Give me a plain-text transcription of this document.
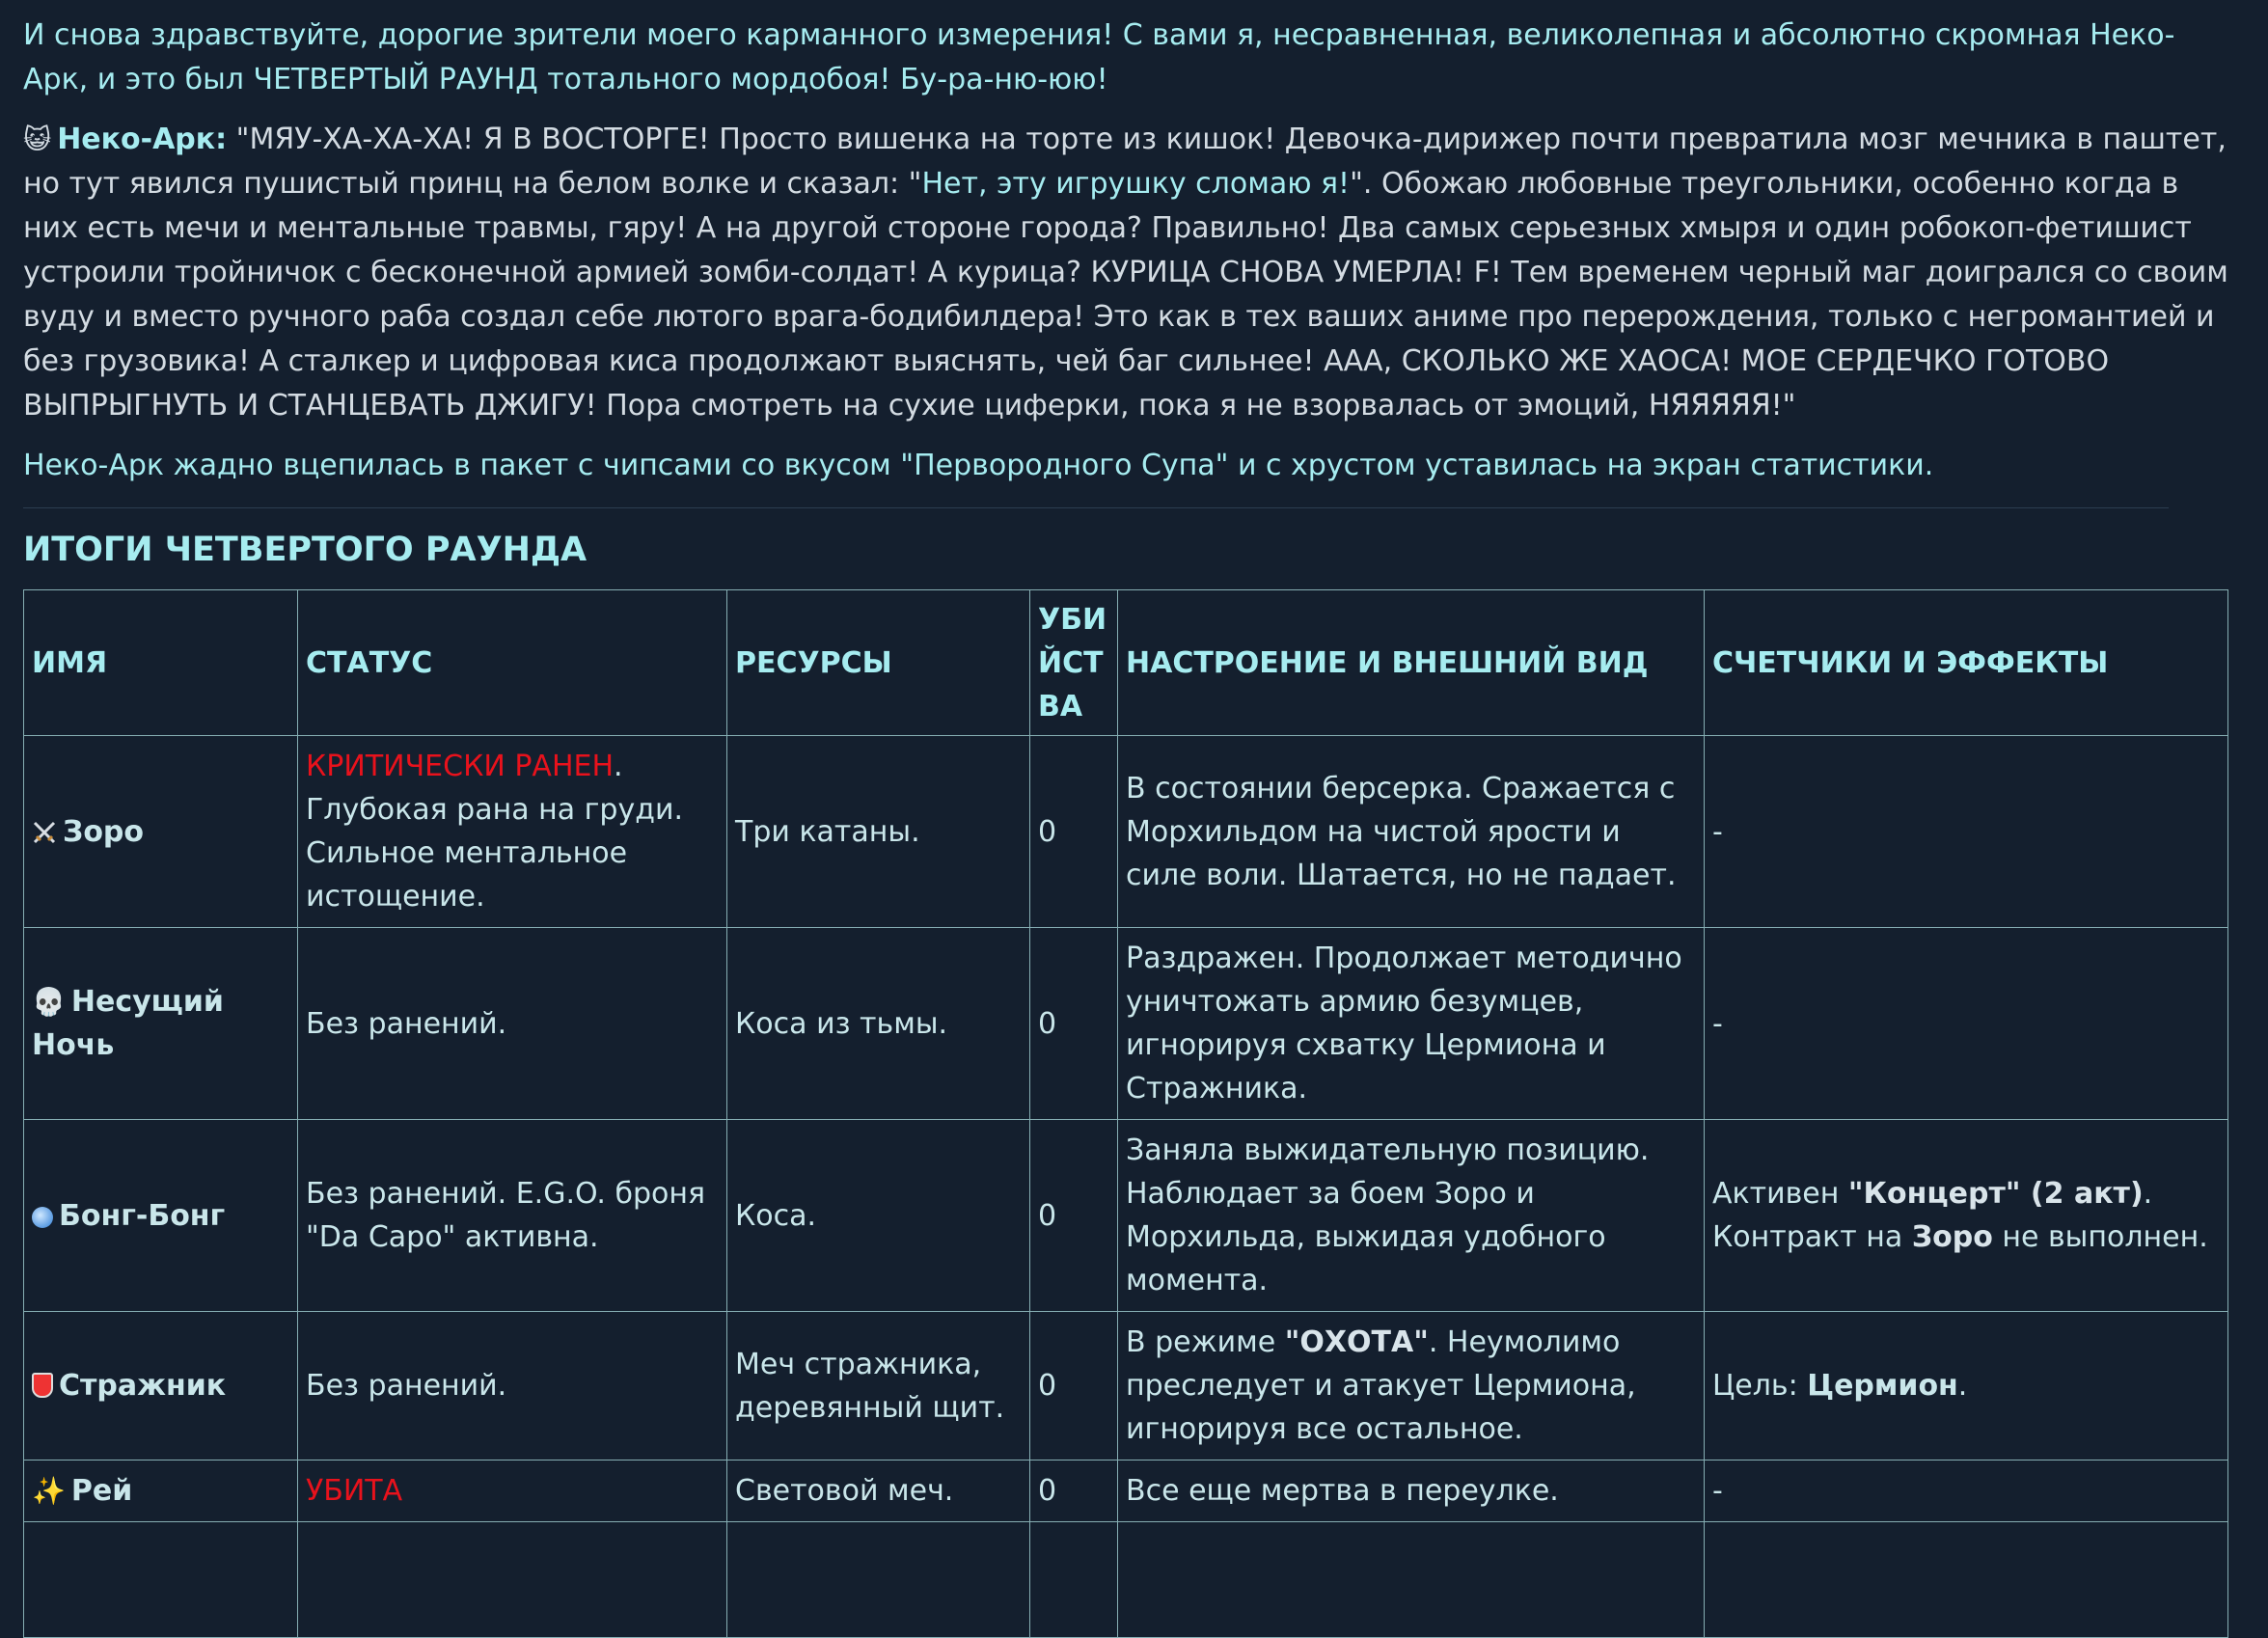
И снова здравствуйте, дорогие зрители моего карманного измерения! С вами я, несравненная, великолепная и абсолютно скромная Неко-Арк, и это был ЧЕТВЕРТЫЙ РАУНД тотального мордобоя! Бу-ра-ню-юю!

😺 Неко-Арк: "МЯУ-ХА-ХА-ХА! Я В ВОСТОРГЕ! Просто вишенка на торте из кишок! Девочка-дирижер почти превратила мозг мечника в паштет, но тут явился пушистый принц на белом волке и сказал: "Нет, эту игрушку сломаю я!". Обожаю любовные треугольники, особенно когда в них есть мечи и ментальные травмы, гяру! А на другой стороне города? Правильно! Два самых серьезных хмыря и один робокоп-фетишист устроили тройничок с бесконечной армией зомби-солдат! А курица? КУРИЦА СНОВА УМЕРЛА! F! Тем временем черный маг доигрался со своим вуду и вместо ручного раба создал себе лютого врага-бодибилдера! Это как в тех ваших аниме про перерождения, только с негромантией и без грузовика! А сталкер и цифровая киса продолжают выяснять, чей баг сильнее! ААА, СКОЛЬКО ЖЕ ХАОСА! МОЕ СЕРДЕЧКО ГОТОВО ВЫПРЫГНУТЬ И СТАНЦЕВАТЬ ДЖИГУ! Пора смотреть на сухие циферки, пока я не взорвалась от эмоций, НЯЯЯЯЯ!"

Неко-Арк жадно вцепилась в пакет с чипсами со вкусом "Первородного Супа" и с хрустом уставилась на экран статистики.

ИТОГИ ЧЕТВЕРТОГО РАУНДА
ИМЯ	СТАТУС	РЕСУРСЫ	УБИЙСТВА	НАСТРОЕНИЕ И ВНЕШНИЙ ВИД	СЧЕТЧИКИ И ЭФФЕКТЫ
Зоро	КРИТИЧЕСКИ РАНЕН. Глубокая рана на груди. Сильное ментальное истощение.	Три катаны.	0	В состоянии берсерка. Сражается с Морхильдом на чистой ярости и силе воли. Шатается, но не падает.	-
💀 Несущий Ночь	Без ранений.	Коса из тьмы.	0	Раздражен. Продолжает методично уничтожать армию безумцев, игнорируя схватку Цермиона и Стражника.	-
Бонг-Бонг	Без ранений. E.G.O. броня "Da Capo" активна.	Коса.	0	Заняла выжидательную позицию. Наблюдает за боем Зоро и Морхильда, выжидая удобного момента.	Активен "Концерт" (2 акт). Контракт на Зоро не выполнен.
Стражник	Без ранений.	Меч стражника, деревянный щит.	0	В режиме "ОХОТА". Неумолимо преследует и атакует Цермиона, игнорируя все остальное.	Цель: Цермион.
✨ Рей	УБИТА	Световой меч.	0	Все еще мертва в переулке.	-
